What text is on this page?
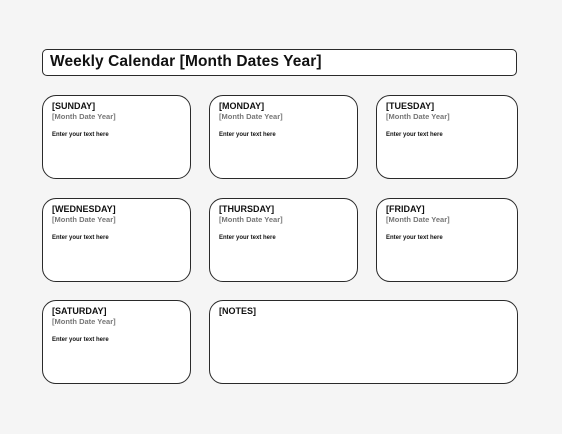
Weekly Calendar [Month Dates Year]
[SUNDAY]
[Month Date Year]
Enter your text here
[MONDAY]
[Month Date Year]
Enter your text here
[TUESDAY]
[Month Date Year]
Enter your text here
[WEDNESDAY]
[Month Date Year]
Enter your text here
[THURSDAY]
[Month Date Year]
Enter your text here
[FRIDAY]
[Month Date Year]
Enter your text here
[SATURDAY]
[Month Date Year]
Enter your text here
[NOTES]
